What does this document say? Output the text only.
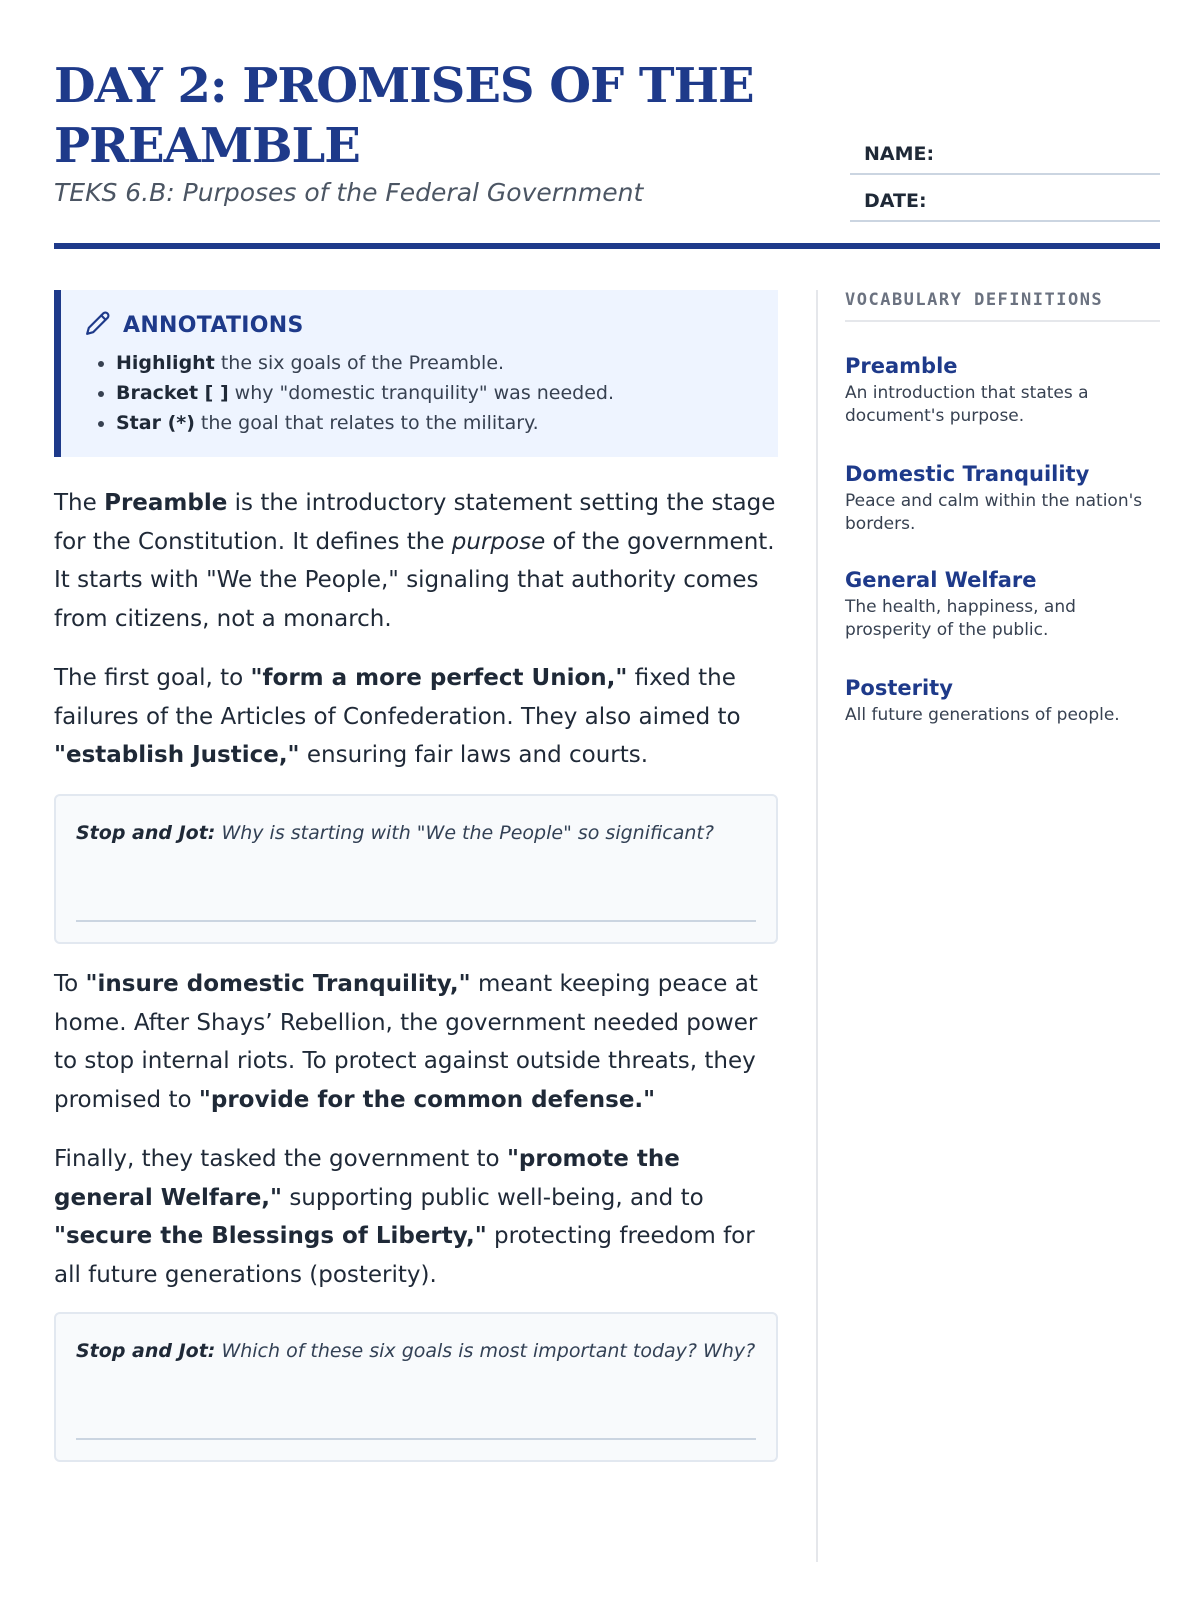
DAY 2: PROMISES OF THE PREAMBLE

TEKS 6.B: Purposes of the Federal Government

NAME:
DATE:
ANNOTATIONS
• Highlight the six goals of the Preamble.
• Bracket [ ] why "domestic tranquility" was needed.
• Star (*) the goal that relates to the military.

The Preamble is the introductory statement setting the stage for the Constitution. It defines the purpose of the government. It starts with "We the People," signaling that authority comes from citizens, not a monarch.

The first goal, to "form a more perfect Union," fixed the failures of the Articles of Confederation. They also aimed to "establish Justice," ensuring fair laws and courts.

Stop and Jot: Why is starting with "We the People" so significant?

To "insure domestic Tranquility," meant keeping peace at home. After Shays’ Rebellion, the government needed power to stop internal riots. To protect against outside threats, they promised to "provide for the common defense."

Finally, they tasked the government to "promote the general Welfare," supporting public well-being, and to "secure the Blessings of Liberty," protecting freedom for all future generations (posterity).

Stop and Jot: Which of these six goals is most important today? Why?
VOCABULARY DEFINITIONS
Preamble
An introduction that states a document's purpose.
Domestic Tranquility
Peace and calm within the nation's borders.
General Welfare
The health, happiness, and prosperity of the public.
Posterity
All future generations of people.
